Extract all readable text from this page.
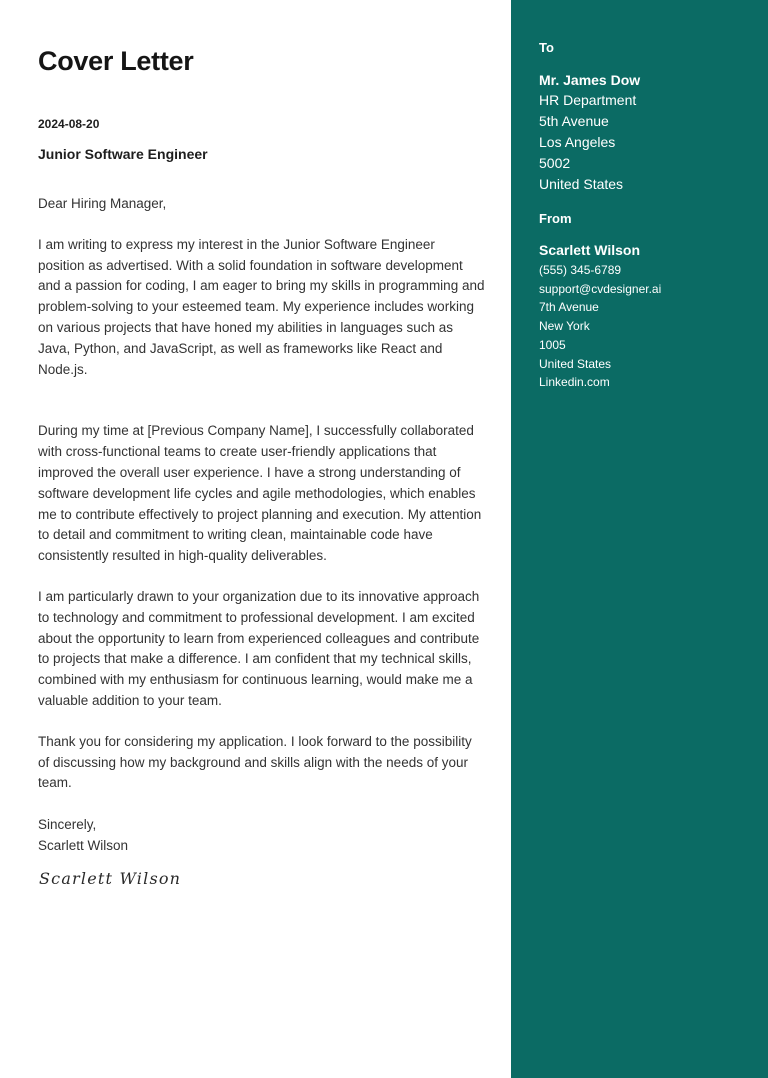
Cover Letter
2024-08-20
Junior Software Engineer
Dear Hiring Manager,
I am writing to express my interest in the Junior Software Engineer position as advertised. With a solid foundation in software development and a passion for coding, I am eager to bring my skills in programming and problem-solving to your esteemed team. My experience includes working on various projects that have honed my abilities in languages such as Java, Python, and JavaScript, as well as frameworks like React and Node.js.
During my time at [Previous Company Name], I successfully collaborated with cross-functional teams to create user-friendly applications that improved the overall user experience. I have a strong understanding of software development life cycles and agile methodologies, which enables me to contribute effectively to project planning and execution. My attention to detail and commitment to writing clean, maintainable code have consistently resulted in high-quality deliverables.
I am particularly drawn to your organization due to its innovative approach to technology and commitment to professional development. I am excited about the opportunity to learn from experienced colleagues and contribute to projects that make a difference. I am confident that my technical skills, combined with my enthusiasm for continuous learning, would make me a valuable addition to your team.
Thank you for considering my application. I look forward to the possibility of discussing how my background and skills align with the needs of your team.
Sincerely,
Scarlett Wilson
Scarlett Wilson
To
Mr. James Dow
HR Department
5th Avenue
Los Angeles
5002
United States
From
Scarlett Wilson
(555) 345-6789
support@cvdesigner.ai
7th Avenue
New York
1005
United States
Linkedin.com
